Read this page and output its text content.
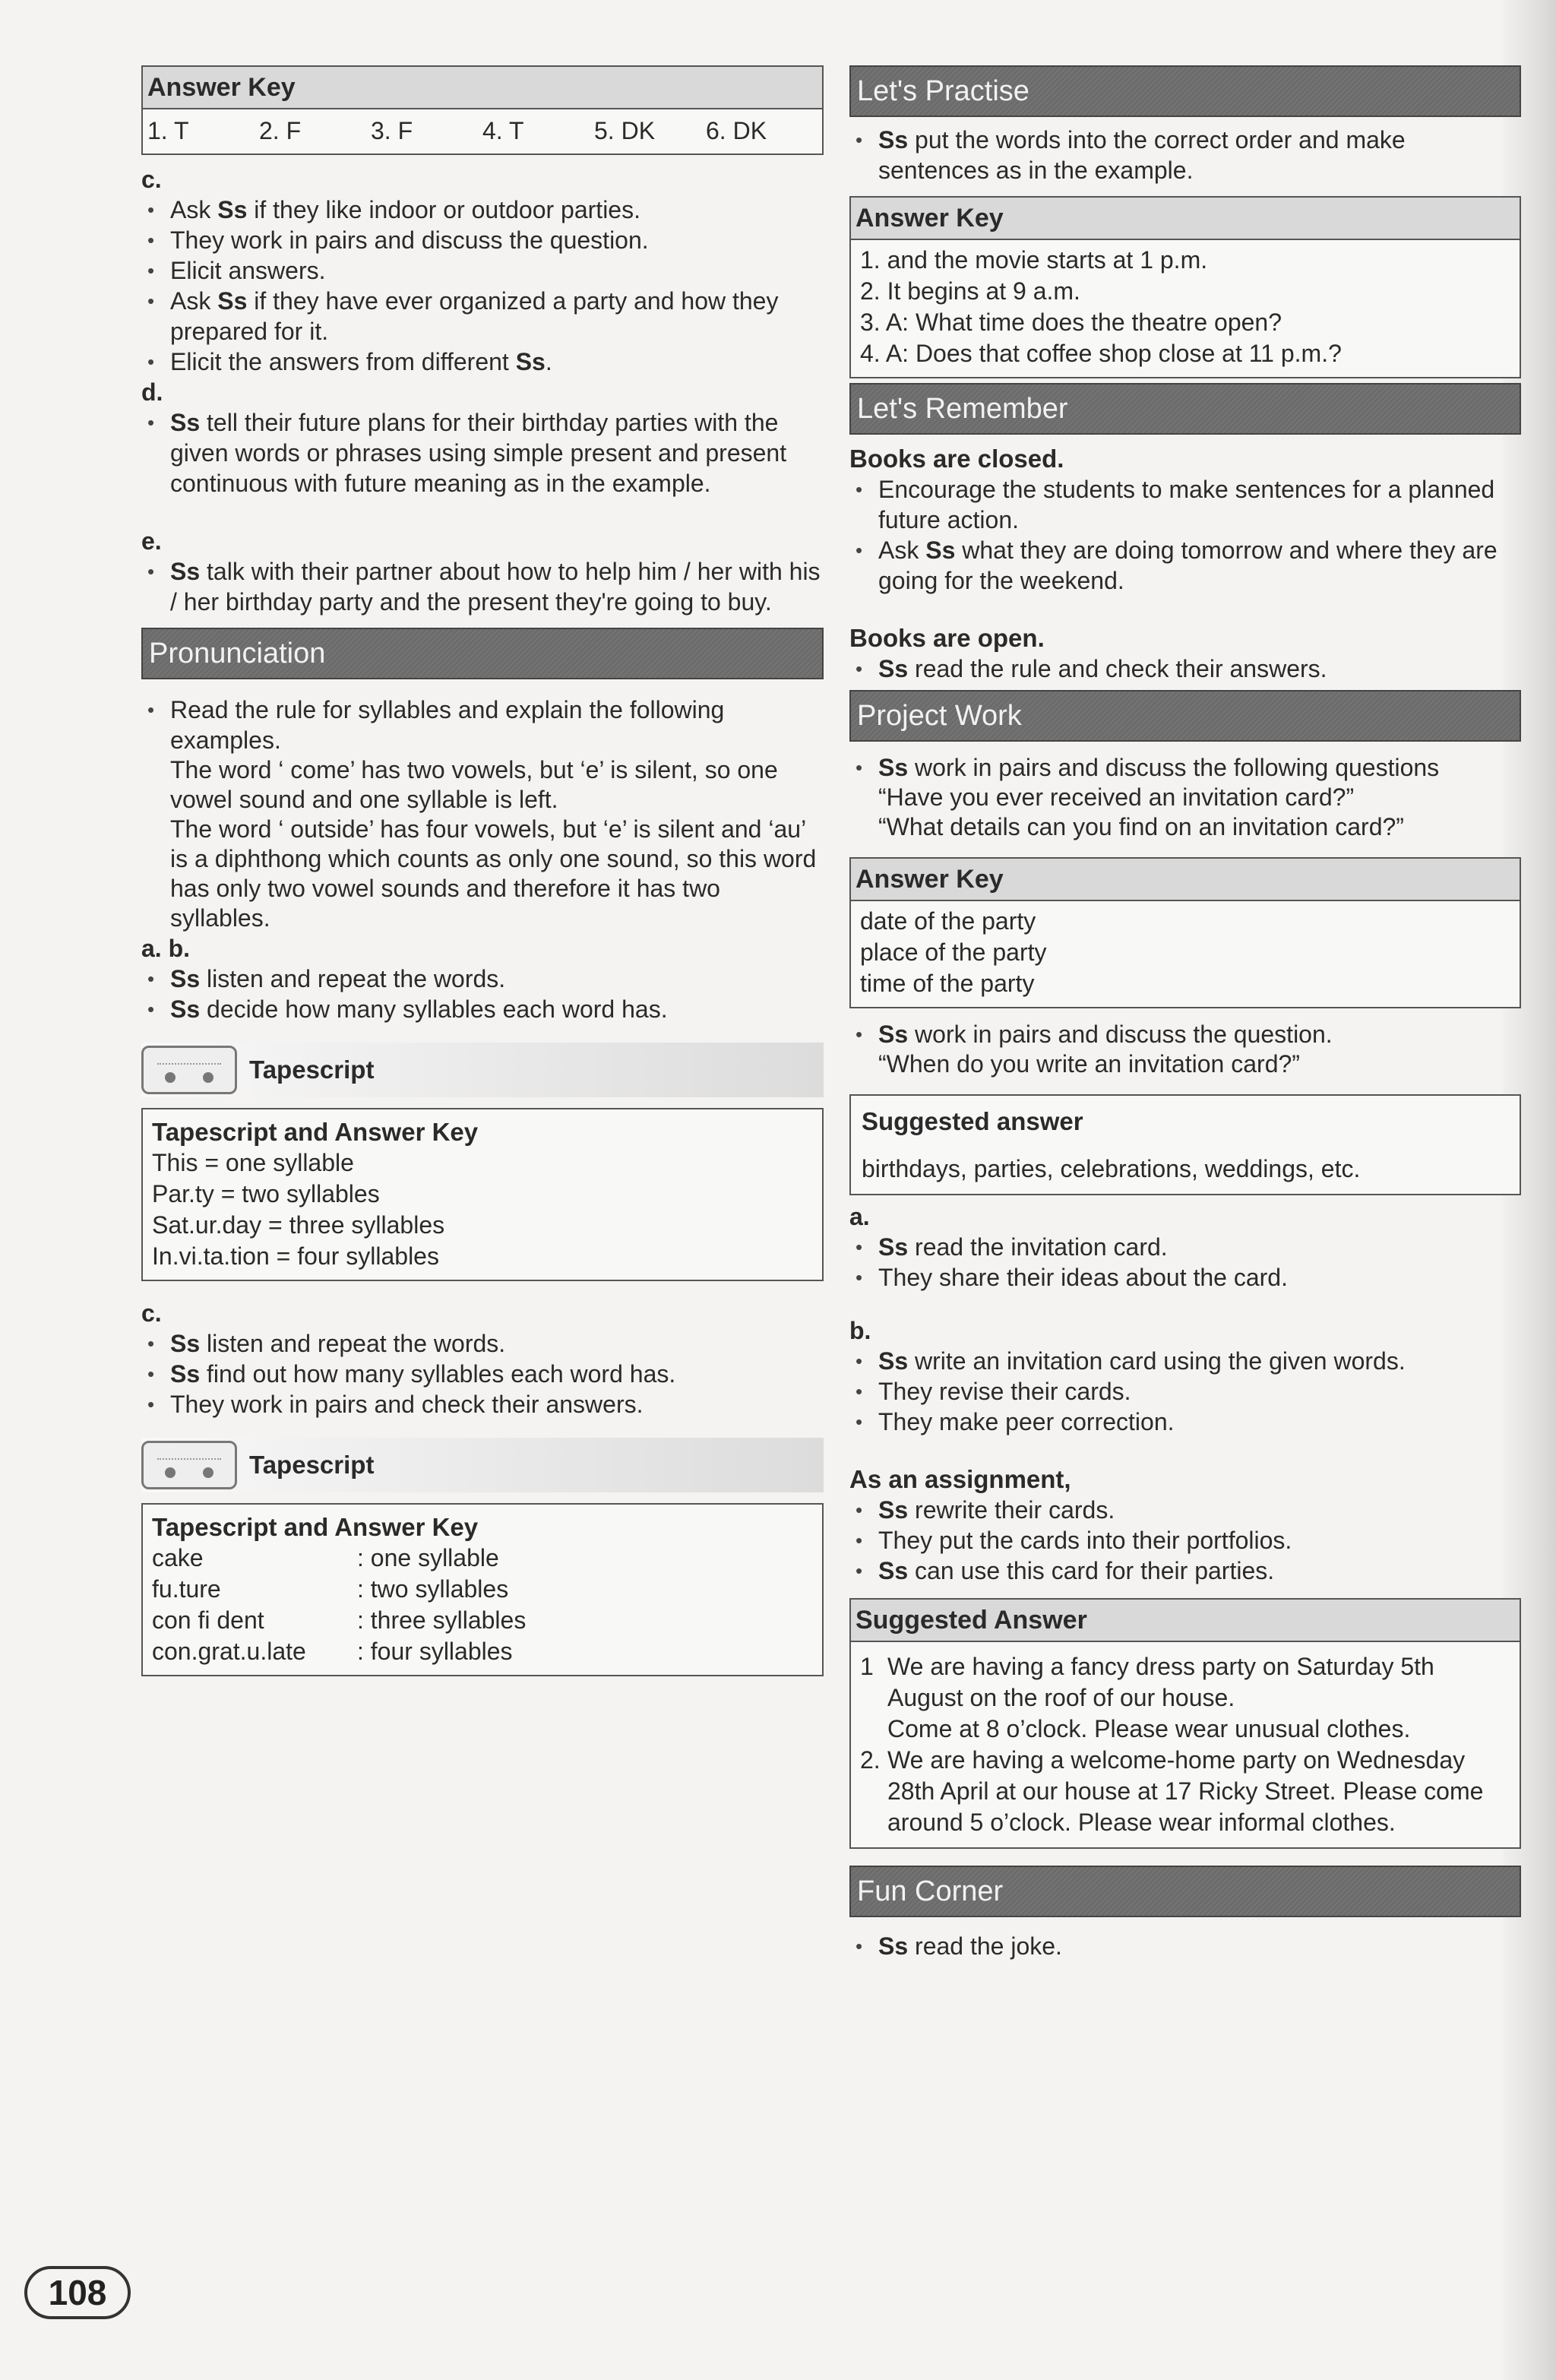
Answer Key
1. T	2. F	3. F	4. T	5. DK	6. DK
c.
• Ask Ss if they like indoor or outdoor parties.
• They work in pairs and discuss the question.
• Elicit answers.
• Ask Ss if they have ever organized a party and how they prepared for it.
• Elicit the answers from different Ss.
d.
• Ss tell their future plans for their birthday parties with the given words or phrases using simple present and present continuous with future meaning as in the example.
e.
• Ss talk with their partner about how to help him / her with his / her birthday party and the present they're going to buy.
Pronunciation
• Read the rule for syllables and explain the following examples.
The word ‘ come’ has two vowels, but ‘e’ is silent, so one vowel sound and one syllable is left.
The word ‘ outside’ has four vowels, but ‘e’ is silent and ‘au’ is a diphthong which counts as only one sound, so this word has only two vowel sounds and therefore it has two syllables.
a. b.
• Ss listen and repeat the words.
• Ss decide how many syllables each word has.
Tapescript
Tapescript and Answer Key
This = one syllable
Par.ty = two syllables
Sat.ur.day = three syllables
In.vi.ta.tion = four syllables
c.
• Ss listen and repeat the words.
• Ss find out how many syllables each word has.
• They work in pairs and check their answers.
Tapescript
Tapescript and Answer Key
cake	: one syllable
fu.ture	: two syllables
con fi dent	: three syllables
con.grat.u.late	: four syllables
Let's Practise
• Ss put the words into the correct order and make sentences as in the example.
Answer Key
1. and the movie starts at 1 p.m.
2. It begins at 9 a.m.
3. A: What time does the theatre open?
4. A: Does that coffee shop close at 11 p.m.?
Let's Remember
Books are closed.
• Encourage the students to make sentences for a planned future action.
• Ask Ss what they are doing tomorrow and where they are going for the weekend.
Books are open.
• Ss read the rule and check their answers.
Project Work
• Ss work in pairs and discuss the following questions
“Have you ever received an invitation card?”
“What details can you find on an invitation card?”
Answer Key
date of the party
place of the party
time of the party
• Ss work in pairs and discuss the question.
“When do you write an invitation card?”
Suggested answer
birthdays, parties, celebrations, weddings, etc.
a.
• Ss read the invitation card.
• They share their ideas about the card.
b.
• Ss write an invitation card using the given words.
• They revise their cards.
• They make peer correction.
As an assignment,
• Ss rewrite their cards.
• They put the cards into their portfolios.
• Ss can use this card for their parties.
Suggested Answer
1 We are having a fancy dress party on Saturday 5th August on the roof of our house.
Come at 8 o’clock. Please wear unusual clothes.
2. We are having a welcome-home party on Wednesday 28th April at our house at 17 Ricky Street. Please come around 5 o’clock. Please wear informal clothes.
Fun Corner
• Ss read the joke.
108
